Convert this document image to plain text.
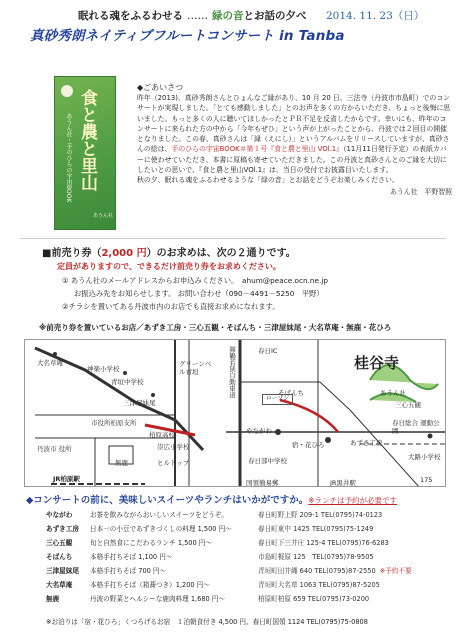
眠れる魂をふるわせる …… 緑の音とお話の夕べ 2014. 11. 23（日）
真砂秀朗ネイティブフルートコンサート in Tanba
食と農と里山
あうん社・手のひらの宇宙BOOK
あうん社
◆ごあいさつ

昨年（2013)、真砂秀朗さんとひょんなご縁があり、10 月 20 日、三法寺（丹波市市島町）でのコンサートが実現しました。「とても感動しました」とのお声を多くの方からいただき、ちょっと後悔に思いました。もっと多くの人に聴いてほしかったとＰＲ不足を反省したからです。幸いにも、昨年のコンサートに来られた方の中から「今年もぜひ」という声が上がったことから、丹波では２回目の開催となりました。この春、真砂さんは「縁（えにし）」というアルバムをリリースしていますが、真砂さんの絵は、手のひらの宇宙BOOK＃第１号『食と農と里山 VOl.1』（11月11日発行予定）の表紙カバーに使わせていただき、本書に原稿も寄せていただきました。この丹波と真砂さんとのご縁を大切にしたいとの思いで、『食と農と里山VOl.1』は、当日の受付でお披露目いたします。

秋の夕、眠れる魂をふるわせるような「緑の音」とお話をどうぞお楽しみください。

あうん社　平野智照

■前売り券（2,000 円）のお求めは、次の２通りです。
定員がありますので、できるだけ前売り券をお求めください。
① あうん社のメールアドレスからお申込みください。　ahum@peace.ocn.ne.jp
お振込み先をお知らせします。 お問い合わせ（090－4491－5250　平野）
②チラシを置いてある丹波市内のお店でも直接お求めになれます。
※前売り券を置いているお店／あずき工房・三心五観・そばんち・三津屋妹尾・大名草庵・無鹿・花ひろ
大名草庵
神楽小学校
青垣中学校
グリーンベル青垣
三津屋妹尾
市役所柏原支所
柏原高校
無鹿
崇広小学校
ヒルトップ
丹波市 役所
JR柏原駅
舞鶴若狭自動車道	春日IC
桂谷寺
あうん社
そばんち
三心五観
やながわ
宿・花ひろ	あずき工房
春日部中学校
春日総合 運動公園
国領簡易郵
大路小学校
JR黒井駅	175
ローソン
◆コンサートの前に、美味しいスイーツやランチはいかがですか。※ランチは予約が必要です
やながわ	お茶を飲みながらおいしいスイーツをどうぞ。	春日町野上野 209-1 TEL(0795)74-0123
あずき工房	日本一の小豆であずきづくしの料理 1,500 円～	春日町東中 1425 TEL(0795)75-1249
三心五観	旬と自然食にこだわるランチ 1,500 円～	春日町下三井庄 125-4 TEL(0795)76-6283
そばんち	本格手打ちそば 1,100 円～	市島町梶原 125　TEL(0795)78-9505
三津屋妹尾	本格手打ちそば 700 円～	青垣町田井縄 640 TEL(0795)87-2550 ※予約不要
大名草庵	本格手打ちそば（箱蕎つき）1,200 円～	青垣町大名草 1063 TEL(0795)87-5205
無鹿	丹波の野菜とヘルシーな鹿肉料理 1,680 円～	柏原町柏原 659 TEL(0795)73-0200
※お泊りは「宿・花ひろ」くつろげるお宿　１泊朝食付き 4,500 円。春日町国領 1124 TEL(0795)75-0808
